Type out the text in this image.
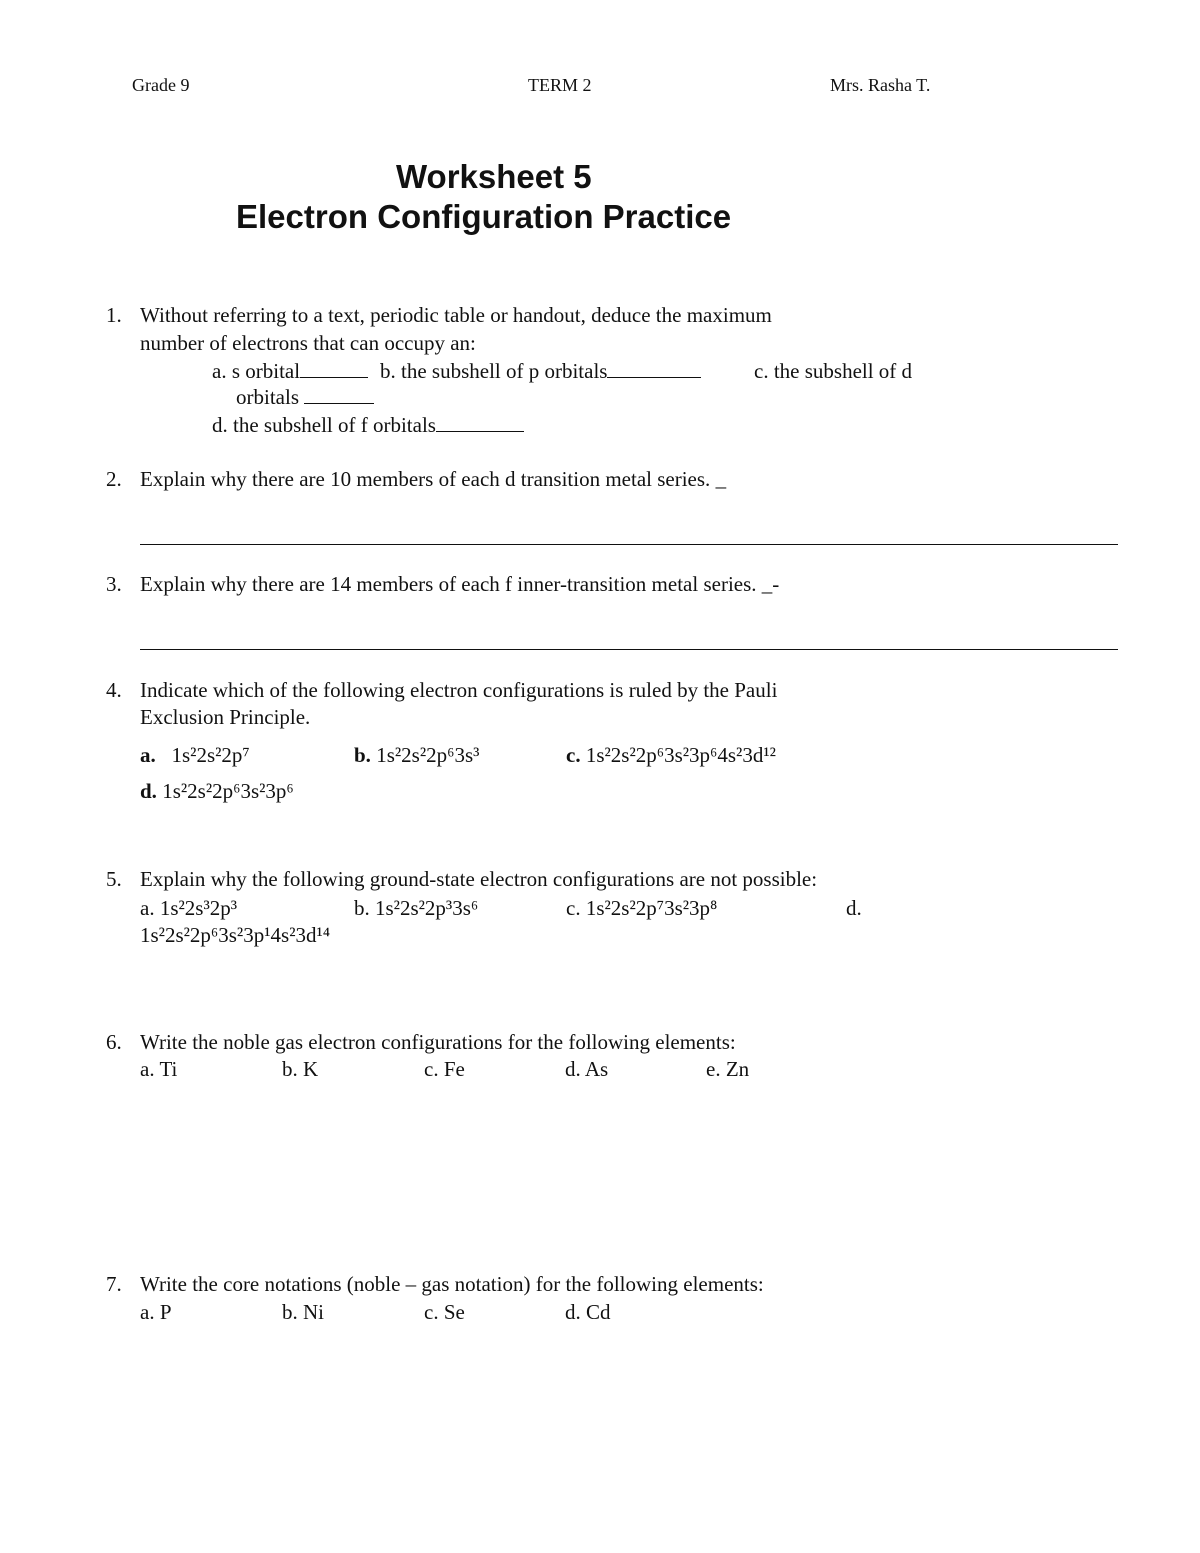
Grade 9	TERM 2	Mrs. Rasha T.
Worksheet 5
Electron Configuration Practice
1. Without referring to a text, periodic table or handout, deduce the maximum
number of electrons that can occupy an:
a. s orbital	b. the subshell of p orbitals	c. the subshell of d
orbitals
d. the subshell of f orbitals
2. Explain why there are 10 members of each d transition metal series. _
3. Explain why there are 14 members of each f inner-transition metal series. _-
4. Indicate which of the following electron configurations is ruled by the Pauli
Exclusion Principle.
a. 1s²2s²2p⁷	b. 1s²2s²2p⁶3s³	c. 1s²2s²2p⁶3s²3p⁶4s²3d¹²
d. 1s²2s²2p⁶3s²3p⁶
5. Explain why the following ground-state electron configurations are not possible:
a. 1s²2s³2p³	b. 1s²2s²2p³3s⁶	c. 1s²2s²2p⁷3s²3p⁸	d.
1s²2s²2p⁶3s²3p¹4s²3d¹⁴
6. Write the noble gas electron configurations for the following elements:
a. Ti	b. K	c. Fe	d. As	e. Zn
7. Write the core notations (noble – gas notation) for the following elements:
a. P	b. Ni	c. Se	d. Cd
